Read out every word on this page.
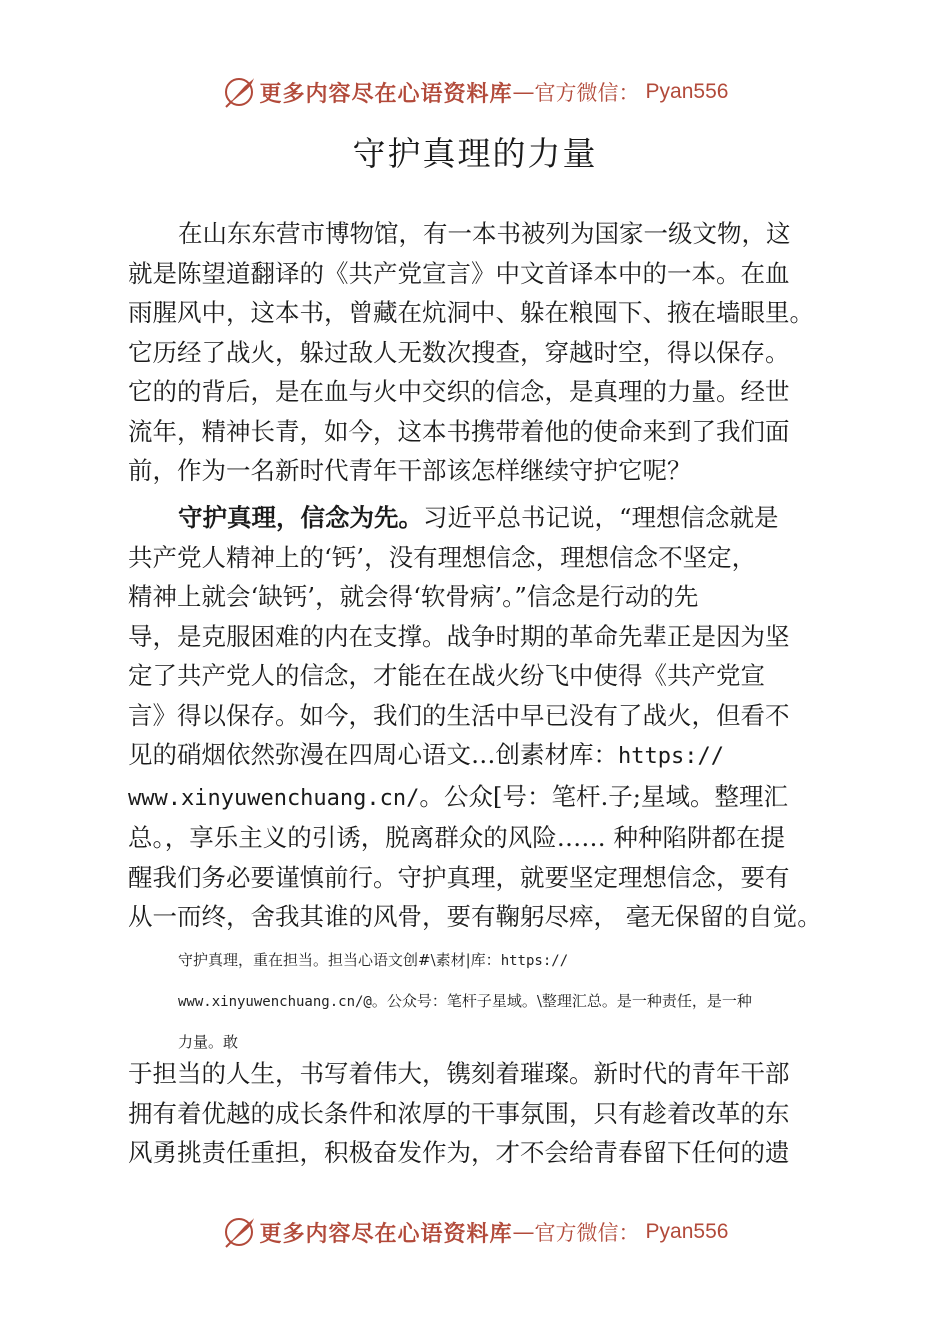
更多内容尽在心语资料库 — 官方微信： Pyan556
守护真理的力量
在山东东营市博物馆，有一本书被列为国家一级文物，这
就是陈望道翻译的《共产党宣言》中文首译本中的一本。在血
雨腥风中，这本书，曾藏在炕洞中、躲在粮囤下、掖在墙眼里。
它历经了战火，躲过敌人无数次搜查，穿越时空，得以保存。
它的的背后，是在血与火中交织的信念，是真理的力量。经世
流年，精神长青，如今，这本书携带着他的使命来到了我们面
前，作为一名新时代青年干部该怎样继续守护它呢？
守护真理，信念为先。习近平总书记说，“理想信念就是
共产党人精神上的‘钙’，没有理想信念，理想信念不坚定，
精神上就会‘缺钙’，就会得‘软骨病’。”信念是行动的先
导，是克服困难的内在支撑。战争时期的革命先辈正是因为坚
定了共产党人的信念，才能在在战火纷飞中使得《共产党宣
言》得以保存。如今，我们的生活中早已没有了战火，但看不
见的硝烟依然弥漫在四周心语文…创素材库：https://
www.xinyuwenchuang.cn/。公众[号：笔杆.子;星域。整理汇
总。，享乐主义的引诱，脱离群众的风险…… 种种陷阱都在提
醒我们务必要谨慎前行。守护真理，就要坚定理想信念，要有
从一而终，舍我其谁的风骨，要有鞠躬尽瘁， 毫无保留的自觉。
守护真理，重在担当。担当心语文创#\素材|库：https://
www.xinyuwenchuang.cn/@。公众号：笔杆子星域。\整理汇总。是一种责任，是一种
力量。敢
于担当的人生，书写着伟大，镌刻着璀璨。新时代的青年干部
拥有着优越的成长条件和浓厚的干事氛围，只有趁着改革的东
风勇挑责任重担，积极奋发作为，才不会给青春留下任何的遗
更多内容尽在心语资料库 — 官方微信： Pyan556
